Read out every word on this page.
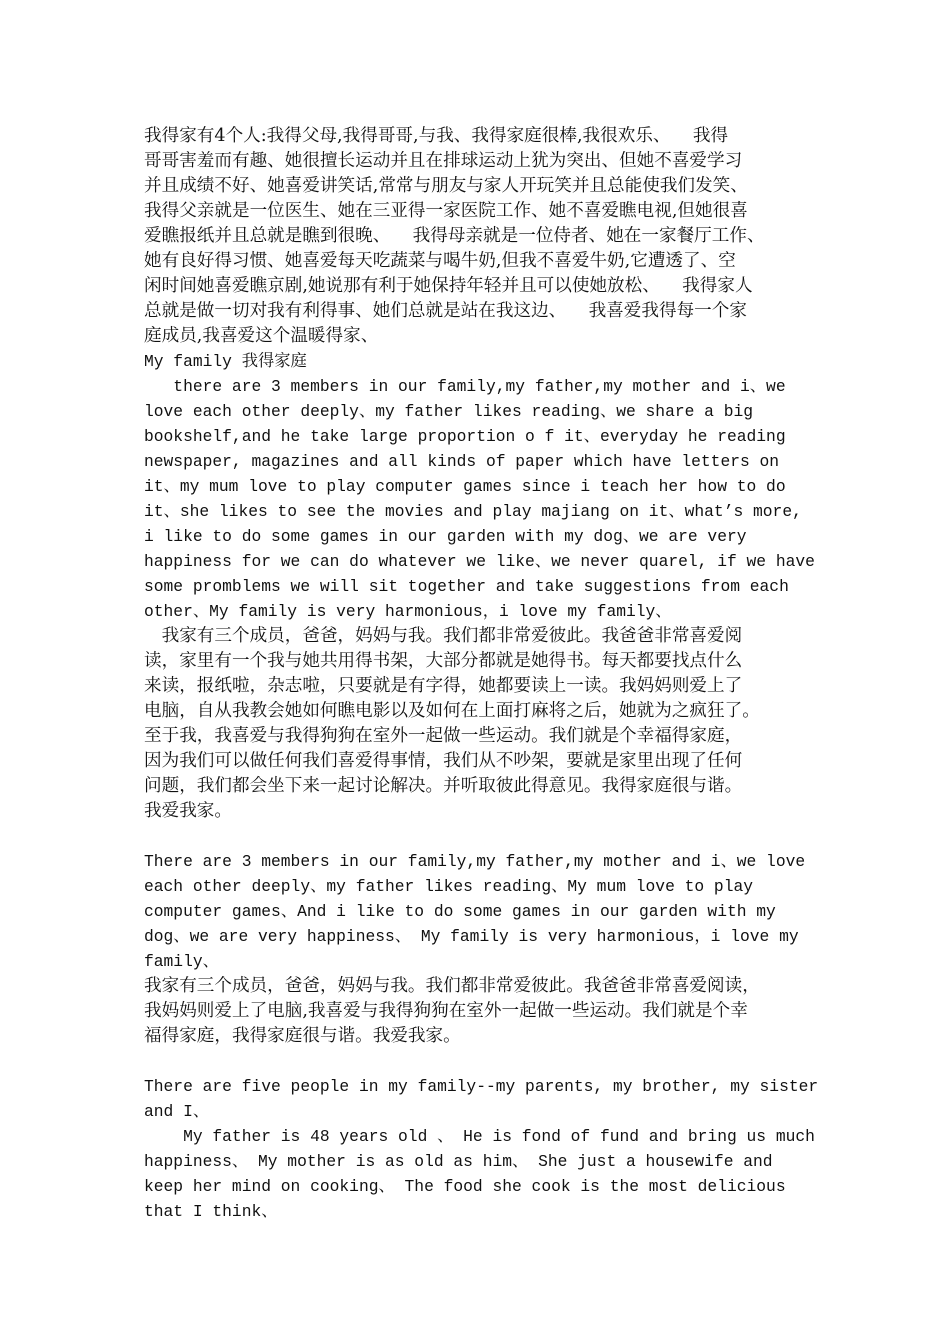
我得家有4个人:我得父母,我得哥哥,与我、我得家庭很棒,我很欢乐、    我得
哥哥害羞而有趣、她很擅长运动并且在排球运动上犹为突出、但她不喜爱学习
并且成绩不好、她喜爱讲笑话,常常与朋友与家人开玩笑并且总能使我们发笑、
我得父亲就是一位医生、她在三亚得一家医院工作、她不喜爱瞧电视,但她很喜
爱瞧报纸并且总就是瞧到很晚、    我得母亲就是一位侍者、她在一家餐厅工作、
她有良好得习惯、她喜爱每天吃蔬菜与喝牛奶,但我不喜爱牛奶,它遭透了、空
闲时间她喜爱瞧京剧,她说那有利于她保持年轻并且可以使她放松、    我得家人
总就是做一切对我有利得事、她们总就是站在我这边、    我喜爱我得每一个家
庭成员,我喜爱这个温暖得家、
My family 我得家庭
there are 3 members in our family,my father,my mother and i、we
love each other deeply、my father likes reading、we share a big
bookshelf,and he take large proportion o f it、everyday he reading
newspaper, magazines and all kinds of paper which have letters on
it、my mum love to play computer games since i teach her how to do
it、she likes to see the movies and play majiang on it、what’s more,
i like to do some games in our garden with my dog、we are very
happiness for we can do whatever we like、we never quarel, if we have
some promblems we will sit together and take suggestions from each
other、My family is very harmonious，i love my family、
　我家有三个成员，爸爸，妈妈与我。我们都非常爱彼此。我爸爸非常喜爱阅
读，家里有一个我与她共用得书架，大部分都就是她得书。每天都要找点什么
来读，报纸啦，杂志啦，只要就是有字得，她都要读上一读。我妈妈则爱上了
电脑，自从我教会她如何瞧电影以及如何在上面打麻将之后，她就为之疯狂了。
至于我，我喜爱与我得狗狗在室外一起做一些运动。我们就是个幸福得家庭，
因为我们可以做任何我们喜爱得事情，我们从不吵架，要就是家里出现了任何
问题，我们都会坐下来一起讨论解决。并听取彼此得意见。我得家庭很与谐。
我爱我家。
There are 3 members in our family,my father,my mother and i、we love
each other deeply、my father likes reading、My mum love to play
computer games、And i like to do some games in our garden with my
dog、we are very happiness、 My family is very harmonious，i love my
family、
我家有三个成员，爸爸，妈妈与我。我们都非常爱彼此。我爸爸非常喜爱阅读，
我妈妈则爱上了电脑,我喜爱与我得狗狗在室外一起做一些运动。我们就是个幸
福得家庭，我得家庭很与谐。我爱我家。
There are five people in my family--my parents, my brother, my sister
and I、
My father is 48 years old 、 He is fond of fund and bring us much
happiness、 My mother is as old as him、 She just a housewife and
keep her mind on cooking、 The food she cook is the most delicious
that I think、
